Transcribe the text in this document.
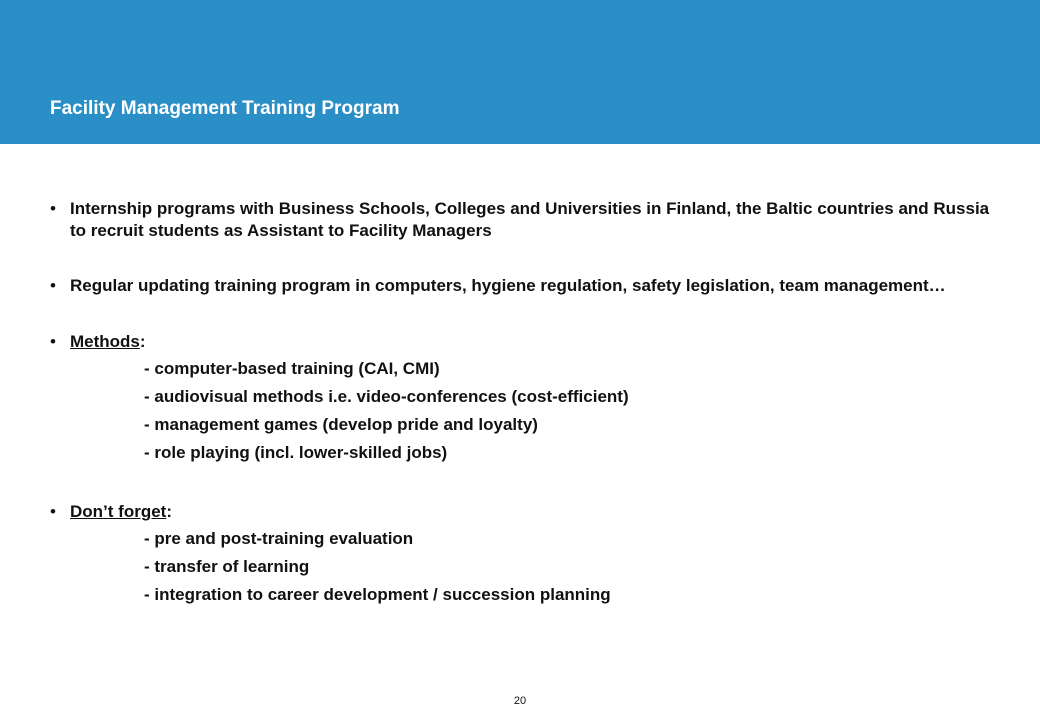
Facility Management Training Program
• Internship programs with Business Schools, Colleges and Universities in Finland, the Baltic countries and Russia to recruit students as Assistant to Facility Managers
• Regular updating training program in computers, hygiene regulation, safety legislation, team management…
• Methods:
- computer-based training (CAI, CMI)
- audiovisual methods i.e. video-conferences (cost-efficient)
- management games (develop pride and loyalty)
- role playing (incl. lower-skilled jobs)
• Don’t forget:
- pre and post-training evaluation
- transfer of learning
- integration to career development / succession planning
20
